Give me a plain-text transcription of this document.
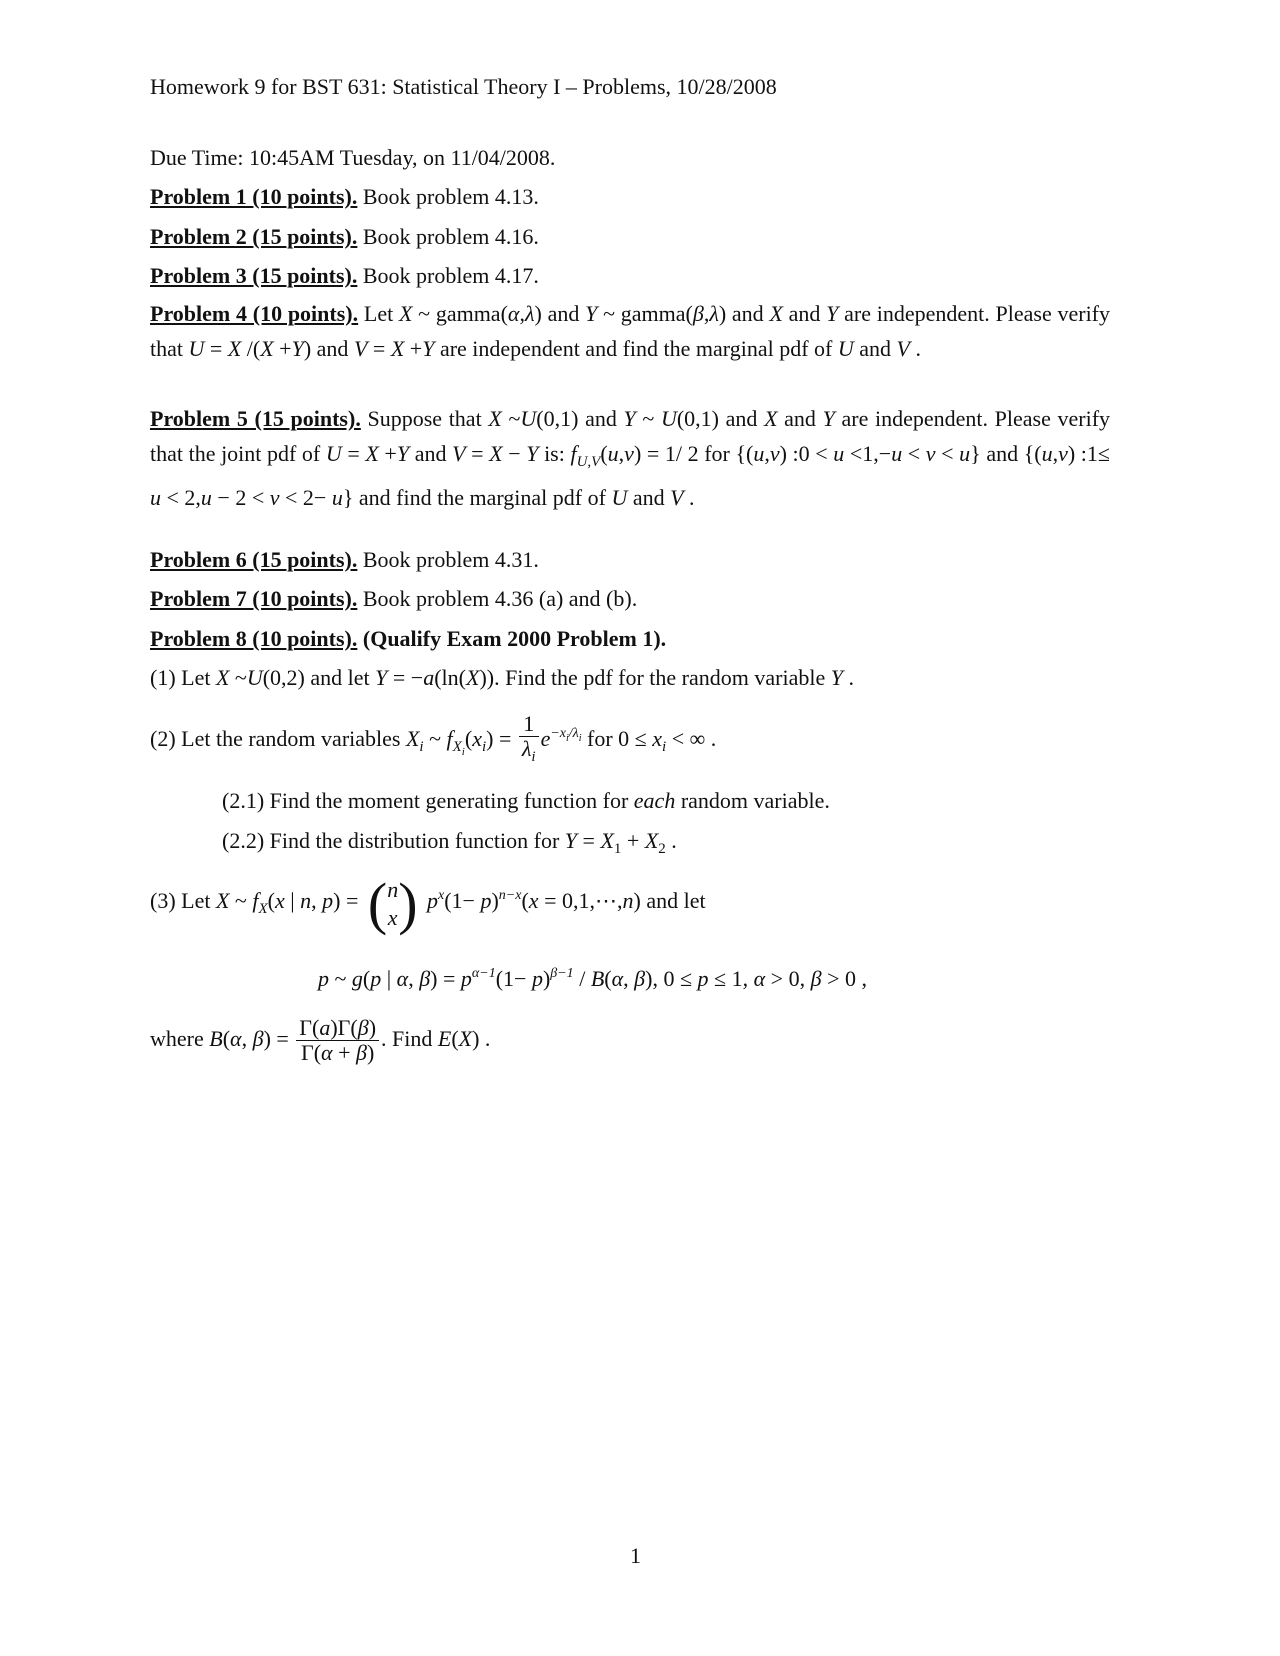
Homework 9 for BST 631: Statistical Theory I – Problems, 10/28/2008
Due Time: 10:45AM Tuesday, on 11/04/2008.
Problem 1 (10 points). Book problem 4.13.
Problem 2 (15 points). Book problem 4.16.
Problem 3 (15 points). Book problem 4.17.
Problem 4 (10 points). Let X ~ gamma(α,λ) and Y ~ gamma(β,λ) and X and Y are independent. Please verify that U = X /(X +Y) and V = X +Y are independent and find the marginal pdf of U and V .
Problem 5 (15 points). Suppose that X ~U(0,1) and Y ~ U(0,1) and X and Y are independent. Please verify that the joint pdf of U = X +Y and V = X − Y is: $f_{U,V}(u,v) = 1/$ 2 for {(u,v) :0 < u <1,−u < v < u} and {(u,v) :1≤ u < 2,u − 2 < v < 2− u} and find the marginal pdf of U and V .
Problem 6 (15 points). Book problem 4.31.
Problem 7 (10 points). Book problem 4.36 (a) and (b).
Problem 8 (10 points). (Qualify Exam 2000 Problem 1).
(1) Let X ~U(0,2) and let Y = −a(ln(X)). Find the pdf for the random variable Y .
(2) Let the random variables $X_i$ ~ $f_{X_i}(x_i) = \frac{1}{\lambda_i} e^{-x_i/\lambda_i}$ for $0 \le x_i$ < ∞ .
(2.1) Find the moment generating function for each random variable.
(2.2) Find the distribution function for $Y = X_1 + X_2$ .
(3) Let X ~ $f_X(x$ | n, p) = ( n
x ) $p^x(1- p)^{n-x}(x$ = 0,1,⋯,n) and let
p ~ g(p | α, $\beta) = p^{\alpha-1}(1- p)^{\beta-1} / B(\alpha$, β), 0 ≤ p ≤ 1, α > 0, β > 0 ,
where B(α, $\beta) = \frac{\Gamma(a)\Gamma(\beta)}{\Gamma(\alpha + \beta)}$ . Find E(X) .
1
